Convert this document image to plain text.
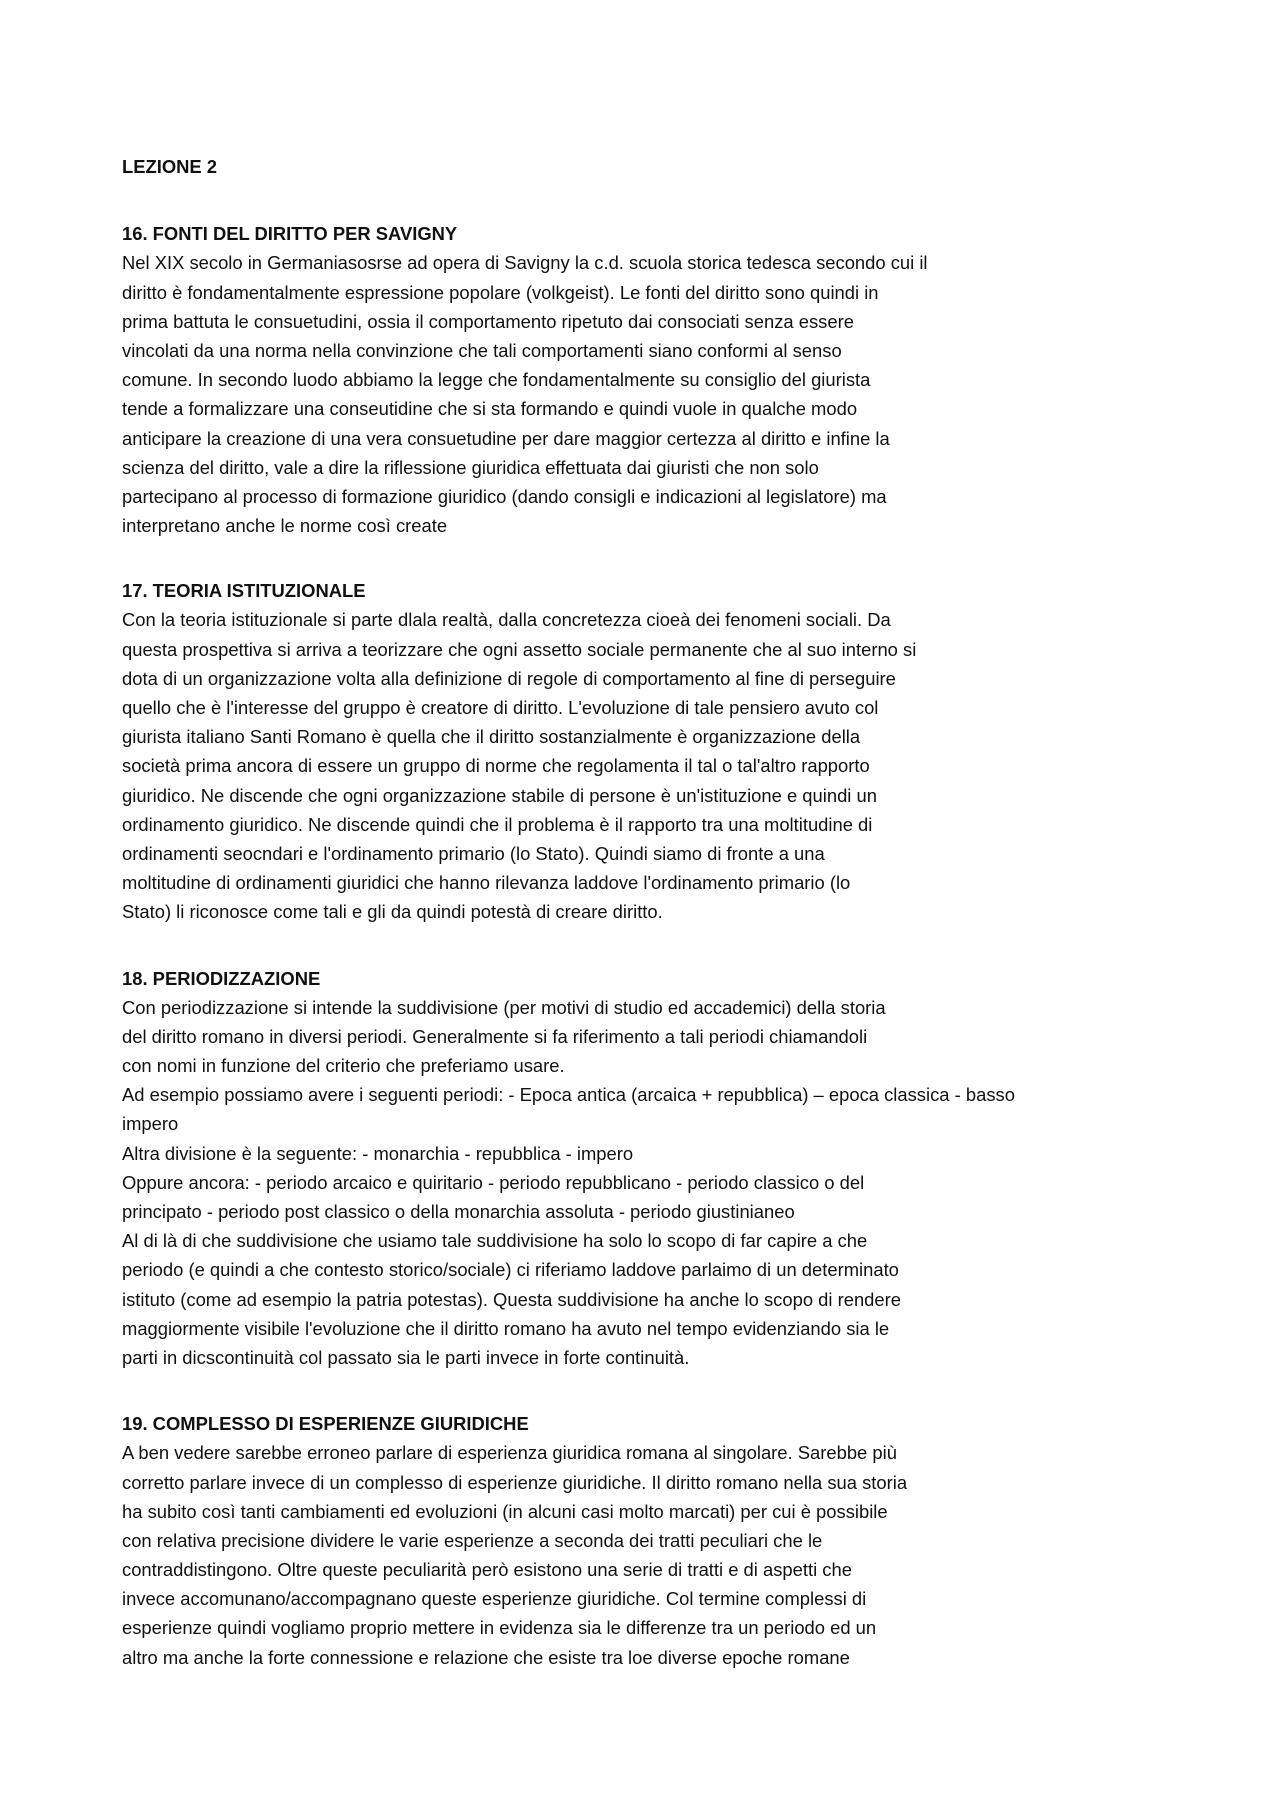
LEZIONE 2
16. FONTI DEL DIRITTO PER SAVIGNY
Nel XIX secolo in Germaniasosrse ad opera di Savigny la c.d. scuola storica tedesca secondo cui il
diritto è fondamentalmente espressione popolare (volkgeist). Le fonti del diritto sono quindi in
prima battuta le consuetudini, ossia il comportamento ripetuto dai consociati senza essere
vincolati da una norma nella convinzione che tali comportamenti siano conformi al senso
comune. In secondo luodo abbiamo la legge che fondamentalmente su consiglio del giurista
tende a formalizzare una conseutidine che si sta formando e quindi vuole in qualche modo
anticipare la creazione di una vera consuetudine per dare maggior certezza al diritto e infine la
scienza del diritto, vale a dire la riflessione giuridica effettuata dai giuristi che non solo
partecipano al processo di formazione giuridico (dando consigli e indicazioni al legislatore) ma
interpretano anche le norme così create
17. TEORIA ISTITUZIONALE
Con la teoria istituzionale si parte dlala realtà, dalla concretezza cioeà dei fenomeni sociali. Da
questa prospettiva si arriva a teorizzare che ogni assetto sociale permanente che al suo interno si
dota di un organizzazione volta alla definizione di regole di comportamento al fine di perseguire
quello che è l'interesse del gruppo è creatore di diritto. L'evoluzione di tale pensiero avuto col
giurista italiano Santi Romano è quella che il diritto sostanzialmente è organizzazione della
società prima ancora di essere un gruppo di norme che regolamenta il tal o tal'altro rapporto
giuridico. Ne discende che ogni organizzazione stabile di persone è un'istituzione e quindi un
ordinamento giuridico. Ne discende quindi che il problema è il rapporto tra una moltitudine di
ordinamenti seocndari e l'ordinamento primario (lo Stato). Quindi siamo di fronte a una
moltitudine di ordinamenti giuridici che hanno rilevanza laddove l'ordinamento primario (lo
Stato) li riconosce come tali e gli da quindi potestà di creare diritto.
18. PERIODIZZAZIONE
Con periodizzazione si intende la suddivisione (per motivi di studio ed accademici) della storia
del diritto romano in diversi periodi. Generalmente si fa riferimento a tali periodi chiamandoli
con nomi in funzione del criterio che preferiamo usare.
Ad esempio possiamo avere i seguenti periodi: - Epoca antica (arcaica + repubblica) – epoca classica - basso
impero
Altra divisione è la seguente: - monarchia - repubblica - impero
Oppure ancora: - periodo arcaico e quiritario - periodo repubblicano - periodo classico o del
principato - periodo post classico o della monarchia assoluta - periodo giustinianeo
Al di là di che suddivisione che usiamo tale suddivisione ha solo lo scopo di far capire a che
periodo (e quindi a che contesto storico/sociale) ci riferiamo laddove parlaimo di un determinato
istituto (come ad esempio la patria potestas). Questa suddivisione ha anche lo scopo di rendere
maggiormente visibile l'evoluzione che il diritto romano ha avuto nel tempo evidenziando sia le
parti in dicscontinuità col passato sia le parti invece in forte continuità.
19. COMPLESSO DI ESPERIENZE GIURIDICHE
A ben vedere sarebbe erroneo parlare di esperienza giuridica romana al singolare. Sarebbe più
corretto parlare invece di un complesso di esperienze giuridiche. Il diritto romano nella sua storia
ha subito così tanti cambiamenti ed evoluzioni (in alcuni casi molto marcati) per cui è possibile
con relativa precisione dividere le varie esperienze a seconda dei tratti peculiari che le
contraddistingono. Oltre queste peculiarità però esistono una serie di tratti e di aspetti che
invece accomunano/accompagnano queste esperienze giuridiche. Col termine complessi di
esperienze quindi vogliamo proprio mettere in evidenza sia le differenze tra un periodo ed un
altro ma anche la forte connessione e relazione che esiste tra loe diverse epoche romane
